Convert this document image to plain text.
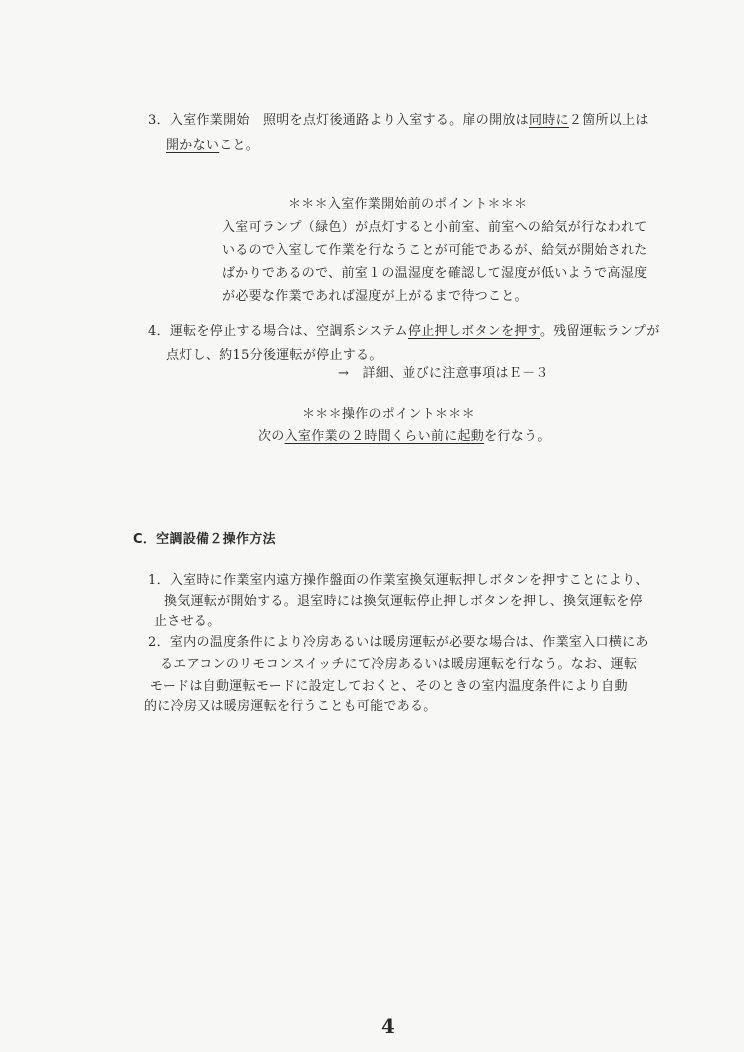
3．入室作業開始　照明を点灯後通路より入室する。扉の開放は同時に２箇所以上は
開かないこと。
＊＊＊入室作業開始前のポイント＊＊＊
入室可ランプ（緑色）が点灯すると小前室、前室への給気が行なわれて
いるので入室して作業を行なうことが可能であるが、給気が開始された
ばかりであるので、前室１の温湿度を確認して湿度が低いようで高湿度
が必要な作業であれば湿度が上がるまで待つこと。
4．運転を停止する場合は、空調系システム停止押しボタンを押す。残留運転ランプが
点灯し、約15分後運転が停止する。
→　詳細、並びに注意事項はＥ－３
＊＊＊操作のポイント＊＊＊
次の入室作業の２時間くらい前に起動を行なう。
C．空調設備２操作方法
1．入室時に作業室内遠方操作盤面の作業室換気運転押しボタンを押すことにより、
換気運転が開始する。退室時には換気運転停止押しボタンを押し、換気運転を停
止させる。
2．室内の温度条件により冷房あるいは暖房運転が必要な場合は、作業室入口横にあ
るエアコンのリモコンスイッチにて冷房あるいは暖房運転を行なう。なお、運転
モードは自動運転モードに設定しておくと、そのときの室内温度条件により自動
的に冷房又は暖房運転を行うことも可能である。
4
